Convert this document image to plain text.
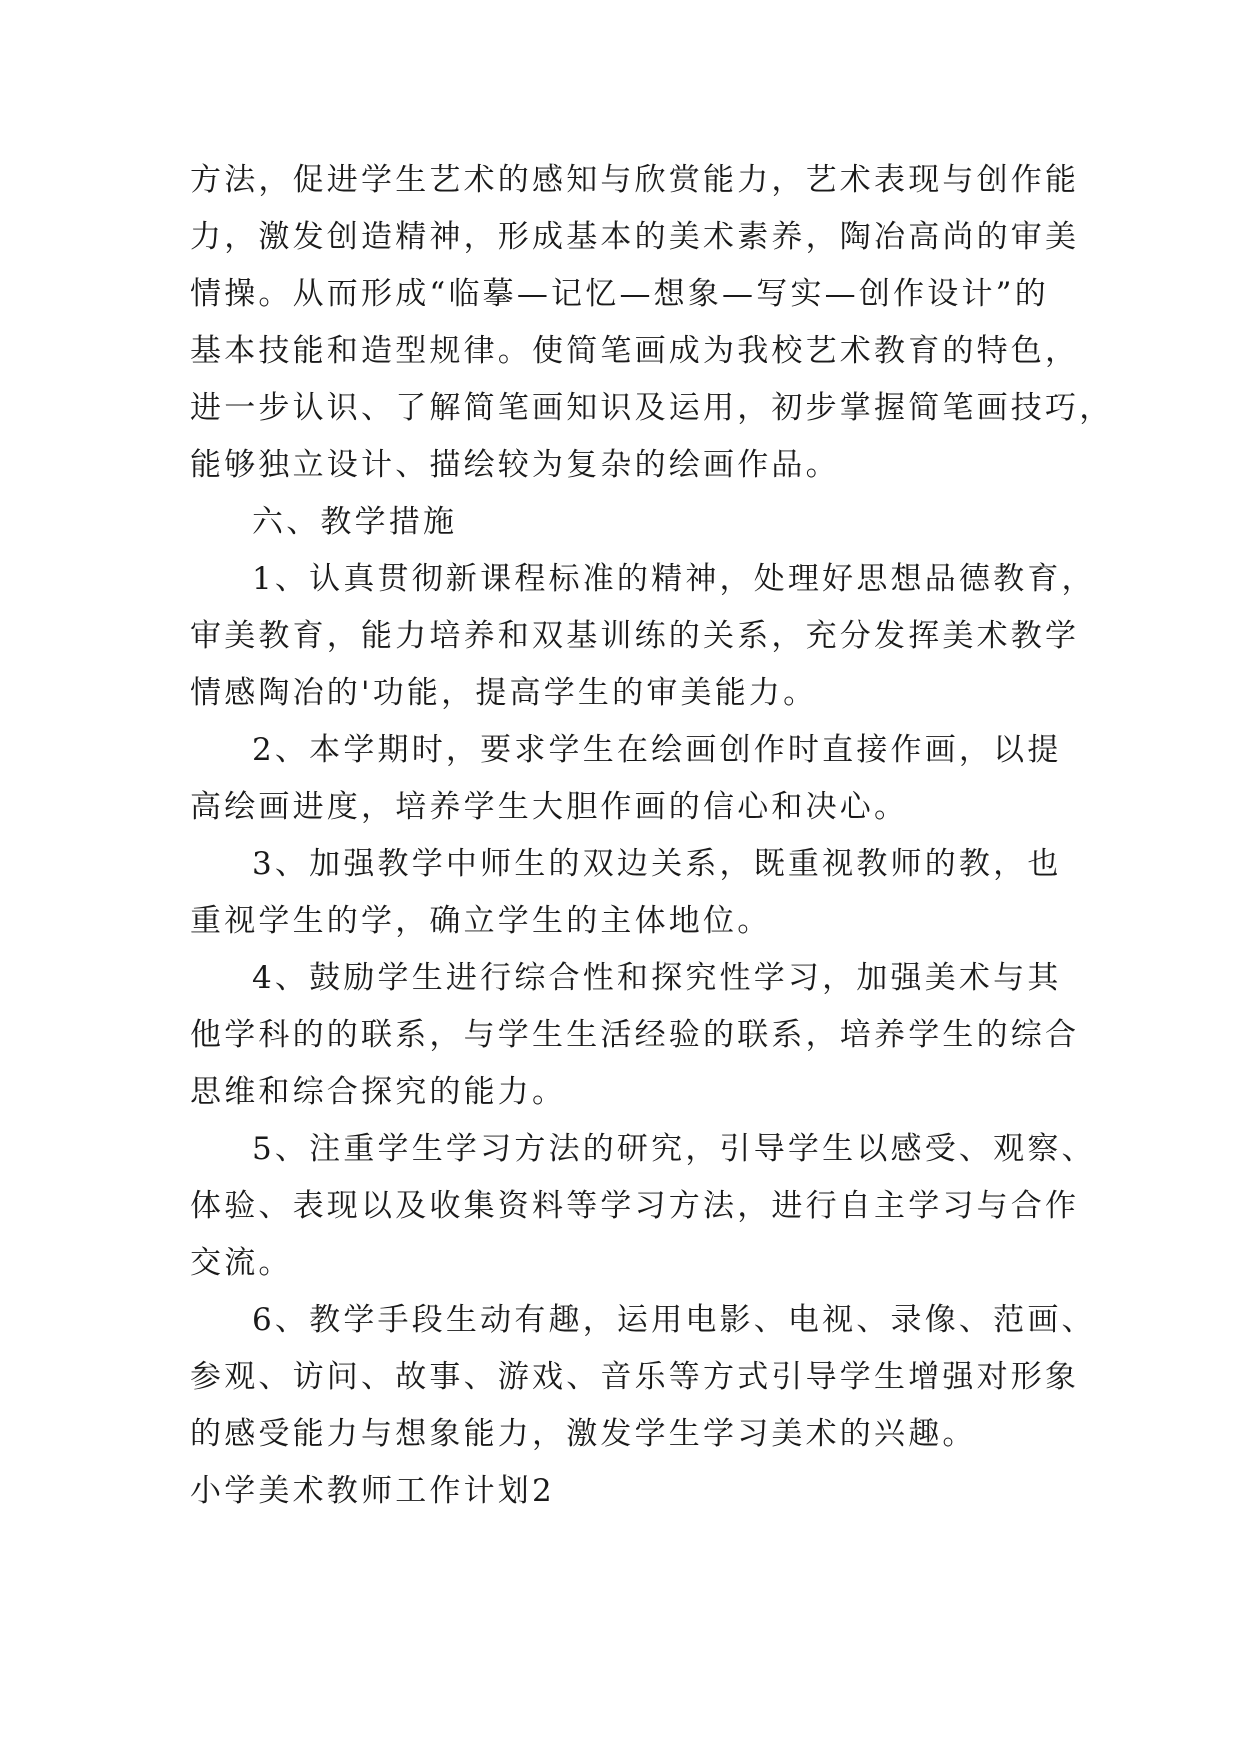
方法，促进学生艺术的感知与欣赏能力，艺术表现与创作能
力，激发创造精神，形成基本的美术素养，陶冶高尚的审美
情操。从而形成“临摹—记忆—想象—写实—创作设计”的
基本技能和造型规律。使简笔画成为我校艺术教育的特色，
进一步认识、了解简笔画知识及运用，初步掌握简笔画技巧，
能够独立设计、描绘较为复杂的绘画作品。
六、教学措施
1、认真贯彻新课程标准的精神，处理好思想品德教育，
审美教育，能力培养和双基训练的关系，充分发挥美术教学
情感陶冶的'功能，提高学生的审美能力。
2、本学期时，要求学生在绘画创作时直接作画，以提
高绘画进度，培养学生大胆作画的信心和决心。
3、加强教学中师生的双边关系，既重视教师的教，也
重视学生的学，确立学生的主体地位。
4、鼓励学生进行综合性和探究性学习，加强美术与其
他学科的的联系，与学生生活经验的联系，培养学生的综合
思维和综合探究的能力。
5、注重学生学习方法的研究，引导学生以感受、观察、
体验、表现以及收集资料等学习方法，进行自主学习与合作
交流。
6、教学手段生动有趣，运用电影、电视、录像、范画、
参观、访问、故事、游戏、音乐等方式引导学生增强对形象
的感受能力与想象能力，激发学生学习美术的兴趣。
小学美术教师工作计划2
